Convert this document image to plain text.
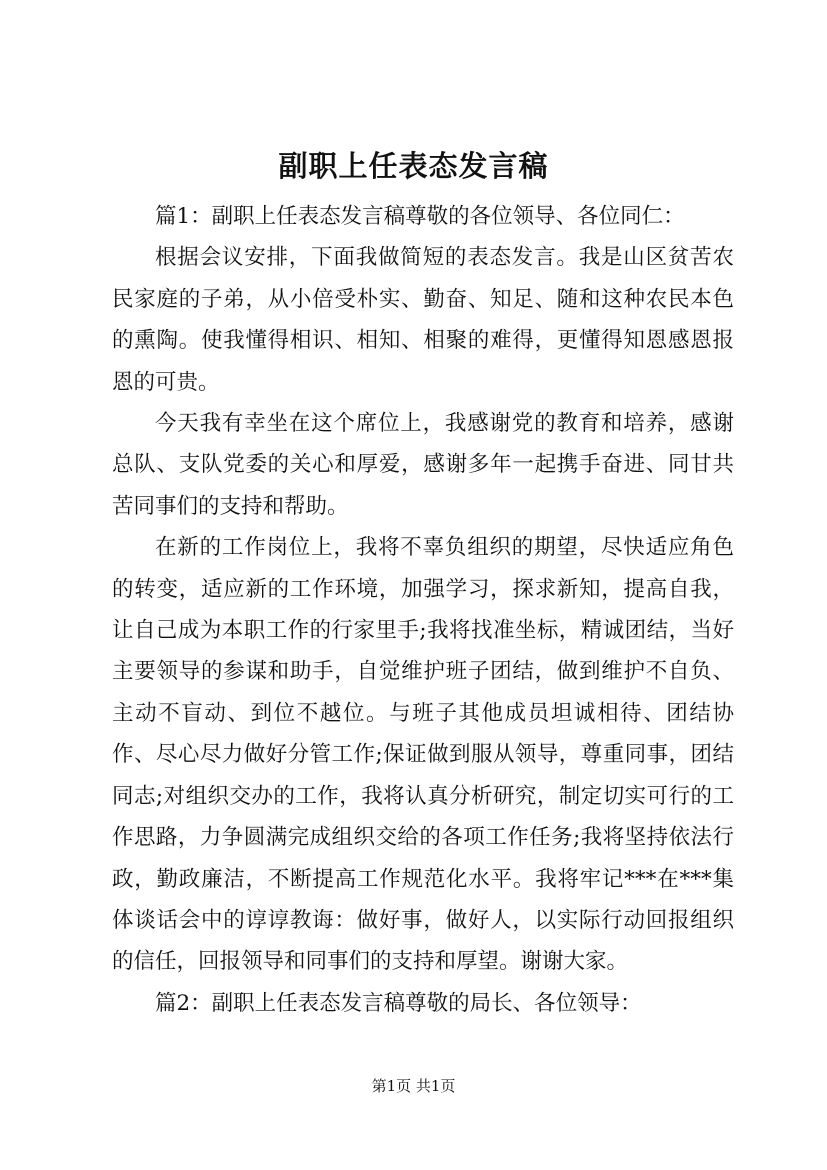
副职上任表态发言稿

篇1：副职上任表态发言稿尊敬的各位领导、各位同仁：

根据会议安排，下面我做简短的表态发言。我是山区贫苦农民家庭的子弟，从小倍受朴实、勤奋、知足、随和这种农民本色的熏陶。使我懂得相识、相知、相聚的难得，更懂得知恩感恩报恩的可贵。

今天我有幸坐在这个席位上，我感谢党的教育和培养，感谢总队、支队党委的关心和厚爱，感谢多年一起携手奋进、同甘共苦同事们的支持和帮助。

在新的工作岗位上，我将不辜负组织的期望，尽快适应角色的转变，适应新的工作环境，加强学习，探求新知，提高自我，让自己成为本职工作的行家里手;我将找准坐标，精诚团结，当好主要领导的参谋和助手，自觉维护班子团结，做到维护不自负、主动不盲动、到位不越位。与班子其他成员坦诚相待、团结协作、尽心尽力做好分管工作;保证做到服从领导，尊重同事，团结同志;对组织交办的工作，我将认真分析研究，制定切实可行的工作思路，力争圆满完成组织交给的各项工作任务;我将坚持依法行政，勤政廉洁，不断提高工作规范化水平。我将牢记***在***集体谈话会中的谆谆教诲：做好事，做好人，以实际行动回报组织的信任，回报领导和同事们的支持和厚望。谢谢大家。

篇2：副职上任表态发言稿尊敬的局长、各位领导：

第1页 共1页
